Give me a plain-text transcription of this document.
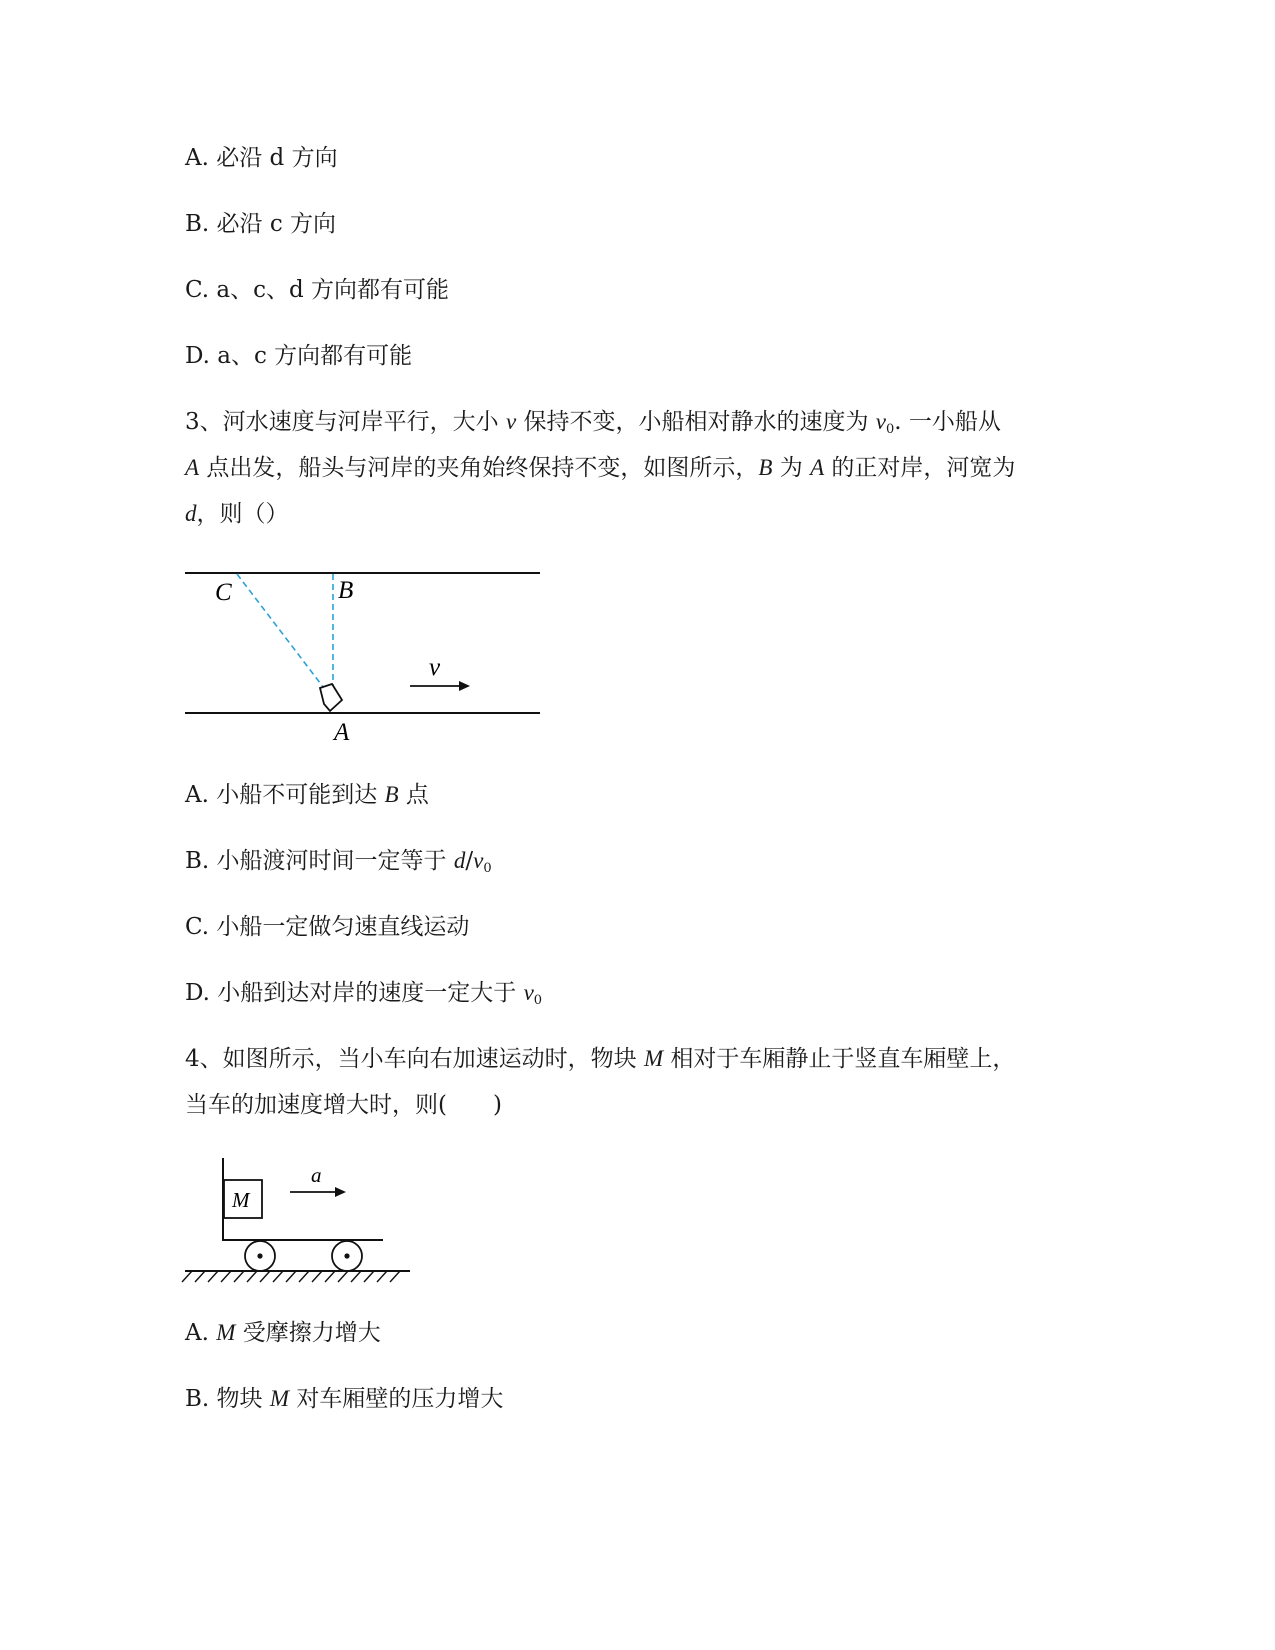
A. 必沿 d 方向
B. 必沿 c 方向
C. a、c、d 方向都有可能
D. a、c 方向都有可能
3、河水速度与河岸平行，大小 v 保持不变，小船相对静水的速度为 $v_0$. 一小船从
A 点出发，船头与河岸的夹角始终保持不变，如图所示，B 为 A 的正对岸，河宽为
d，则（）
C	B
A
v
A. 小船不可能到达 B 点
B. 小船渡河时间一定等于 $d/v_0$
C. 小船一定做匀速直线运动
D. 小船到达对岸的速度一定大于 $v_0$
4、如图所示，当小车向右加速运动时，物块 M 相对于车厢静止于竖直车厢壁上，
当车的加速度增大时，则(　　)
M
a
A. M 受摩擦力增大
B. 物块 M 对车厢壁的压力增大
